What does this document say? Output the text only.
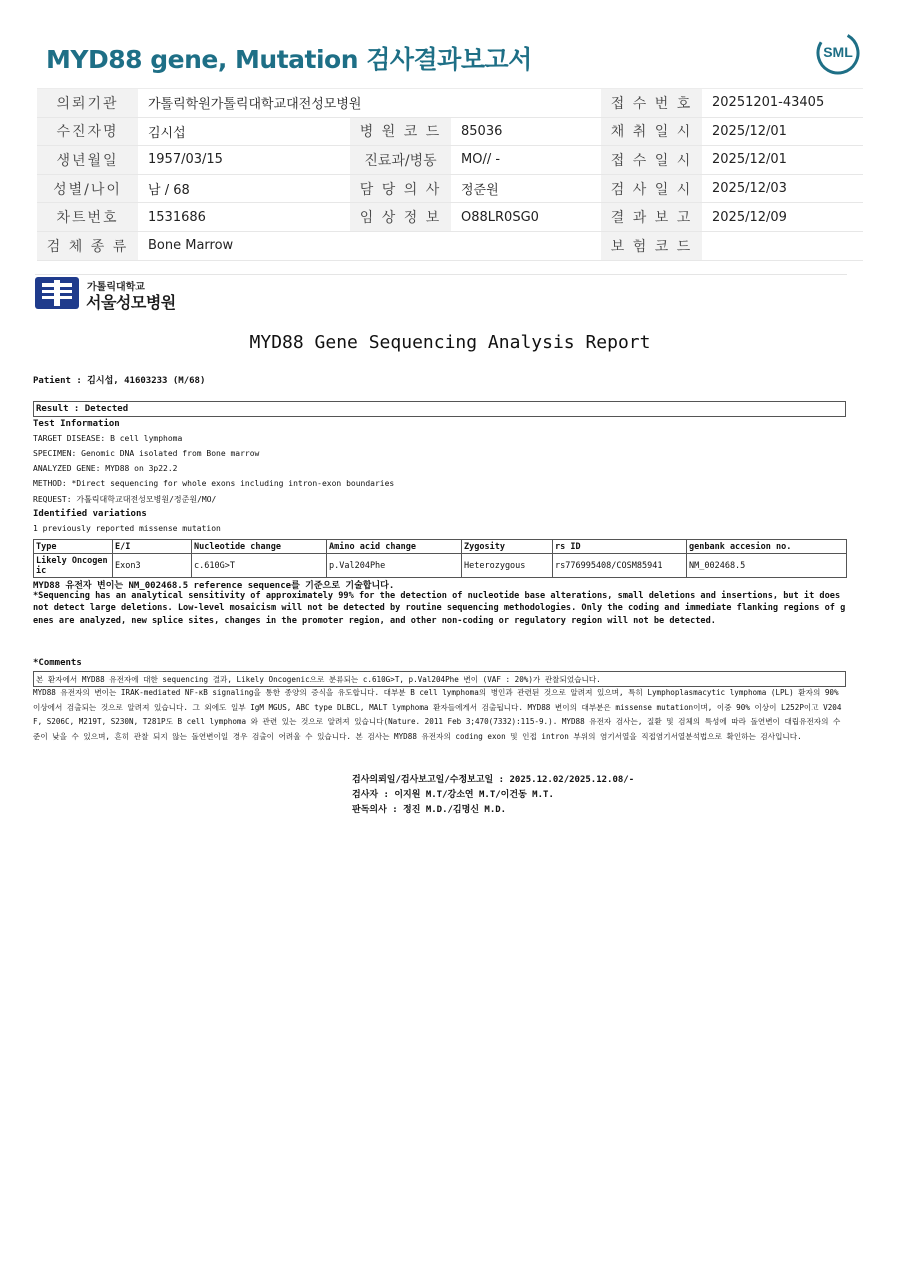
MYD88 gene, Mutation 검사결과보고서	SML
의뢰기관	가톨릭학원가톨릭대학교대전성모병원			접 수 번 호	20251201-43405
수진자명	김시섭	병 원 코 드	85036	채 취 일 시	2025/12/01
생년월일	1957/03/15	진료과/병동	MO// -	접 수 일 시	2025/12/01
성별/나이	남 / 68	담 당 의 사	정준원	검 사 일 시	2025/12/03
차트번호	1531686	임 상 정 보	O88LR0SG0	결 과 보 고	2025/12/09
검 체 종 류	Bone Marrow			보 험 코 드	
가톨릭대학교
서울성모병원
MYD88 Gene Sequencing Analysis Report
Patient : 김시섭, 41603233 (M/68)
Result : Detected
Test Information
TARGET DISEASE: B cell lymphoma
SPECIMEN: Genomic DNA isolated from Bone marrow
ANALYZED GENE: MYD88 on 3p22.2
METHOD: *Direct sequencing for whole exons including intron-exon boundaries
REQUEST: 가톨릭대학교대전성모병원/정준원/MO/
Identified variations
1 previously reported missense mutation
Type	E/I	Nucleotide change	Amino acid change	Zygosity	rs ID	genbank accesion no.
Likely Oncogenic	Exon3	c.610G>T	p.Val204Phe	Heterozygous	rs776995408/COSM85941	NM_002468.5
MYD88 유전자 변이는 NM_002468.5 reference sequence를 기준으로 기술합니다.
*Sequencing has an analytical sensitivity of approximately 99% for the detection of nucleotide base alterations, small deletions and insertions, but it does not detect large deletions. Low-level mosaicism will not be detected by routine sequencing methodologies. Only the coding and immediate flanking regions of genes are analyzed, new splice sites, changes in the promoter region, and other non-coding or regulatory region will not be detected.
*Comments
본 환자에서 MYD88 유전자에 대한 sequencing 결과, Likely Oncogenic으로 분류되는 c.610G>T, p.Val204Phe 변이 (VAF : 20%)가 관찰되었습니다.
MYD88 유전자의 변이는 IRAK-mediated NF-κB signaling을 통한 종양의 증식을 유도합니다. 대부분 B cell lymphoma의 병인과 관련된 것으로 알려져 있으며, 특히 Lymphoplasmacytic lymphoma (LPL) 환자의 90% 이상에서 검출되는 것으로 알려져 있습니다. 그 외에도 일부 IgM MGUS, ABC type DLBCL, MALT lymphoma 환자들에게서 검출됩니다. MYD88 변이의 대부분은 missense mutation이며, 이중 90% 이상이 L252P이고 V204F, S206C, M219T, S230N, T281P도 B cell lymphoma 와 관련 있는 것으로 알려져 있습니다(Nature. 2011 Feb 3;470(7332):115-9.). MYD88 유전자 검사는, 질환 및 검체의 특성에 따라 돌연변이 대립유전자의 수준이 낮을 수 있으며, 흔히 관찰 되지 않는 돌연변이일 경우 검출이 어려울 수 있습니다. 본 검사는 MYD88 유전자의 coding exon 및 인접 intron 부위의 염기서열을 직접염기서열분석법으로 확인하는 검사입니다.
검사의뢰일/검사보고일/수정보고일 : 2025.12.02/2025.12.08/-
검사자 : 이지원 M.T/강소연 M.T/이건동 M.T.
판독의사 : 정진 M.D./김명신 M.D.
